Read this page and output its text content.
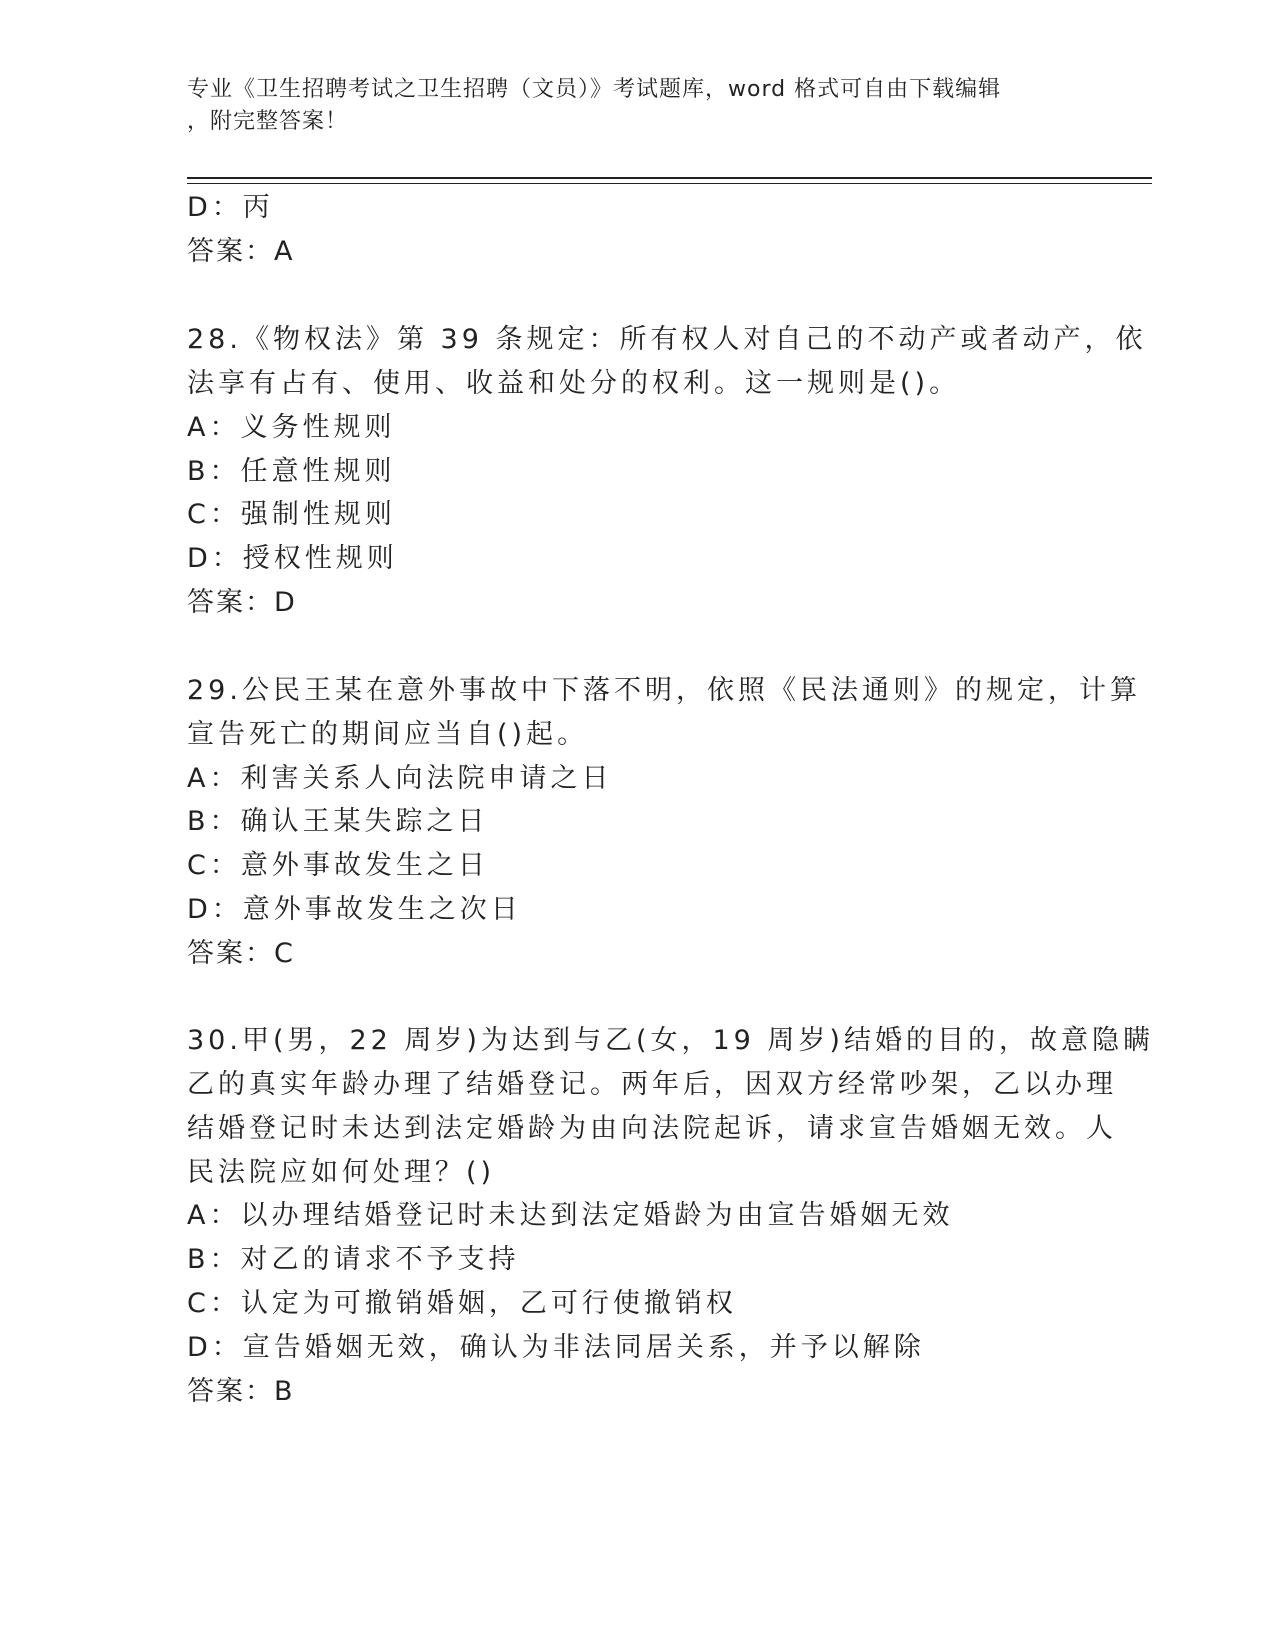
专业《卫生招聘考试之卫生招聘（文员）》考试题库，word 格式可自由下载编辑
，附完整答案！
D：丙
答案：A
28.《物权法》第 39 条规定：所有权人对自己的不动产或者动产，依
法享有占有、使用、收益和处分的权利。这一规则是()。
A：义务性规则
B：任意性规则
C：强制性规则
D：授权性规则
答案：D
29.公民王某在意外事故中下落不明，依照《民法通则》的规定，计算
宣告死亡的期间应当自()起。
A：利害关系人向法院申请之日
B：确认王某失踪之日
C：意外事故发生之日
D：意外事故发生之次日
答案：C
30.甲(男，22 周岁)为达到与乙(女，19 周岁)结婚的目的，故意隐瞒
乙的真实年龄办理了结婚登记。两年后，因双方经常吵架，乙以办理
结婚登记时未达到法定婚龄为由向法院起诉，请求宣告婚姻无效。人
民法院应如何处理？()
A：以办理结婚登记时未达到法定婚龄为由宣告婚姻无效
B：对乙的请求不予支持
C：认定为可撤销婚姻，乙可行使撤销权
D：宣告婚姻无效，确认为非法同居关系，并予以解除
答案：B
